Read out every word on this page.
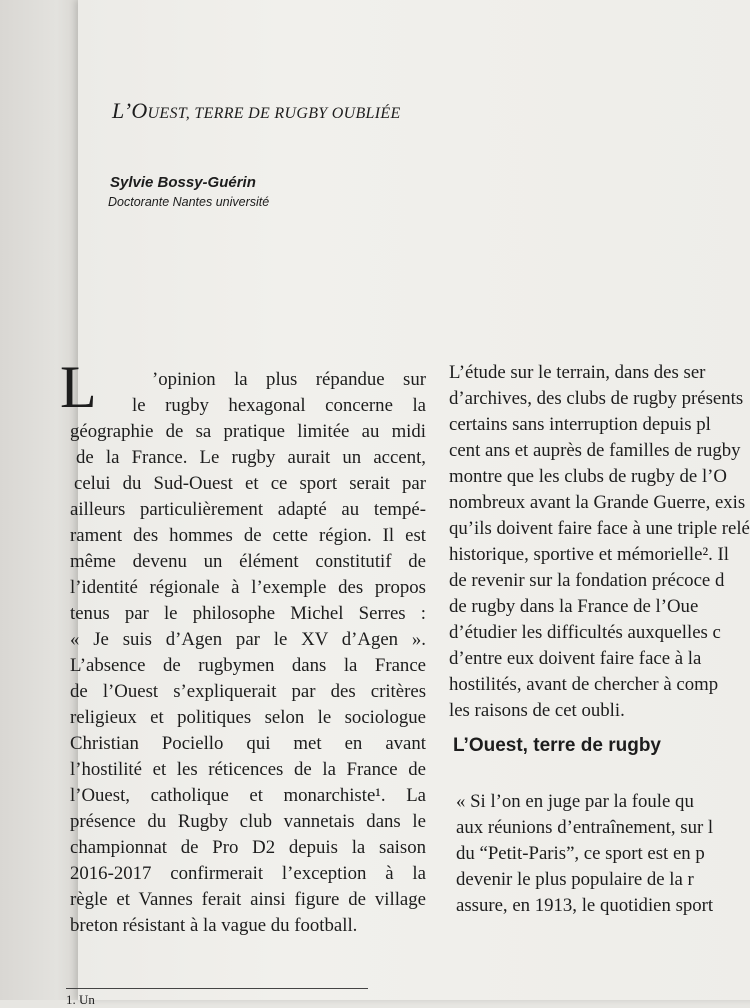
L’OUEST, TERRE DE RUGBY OUBLIÉE
Sylvie Bossy-Guérin
Doctorante Nantes université
L	’opinion la plus répandue sur
le rugby hexagonal concerne la
géographie de sa pratique limitée au midi
de la France. Le rugby aurait un accent,
celui du Sud-Ouest et ce sport serait par
ailleurs particulièrement adapté au tempé-
rament des hommes de cette région. Il est
même devenu un élément constitutif de
l’identité régionale à l’exemple des propos
tenus par le philosophe Michel Serres :
« Je suis d’Agen par le XV d’Agen ».
L’absence de rugbymen dans la France
de l’Ouest s’expliquerait par des critères
religieux et politiques selon le sociologue
Christian Pociello qui met en avant
l’hostilité et les réticences de la France de
l’Ouest, catholique et monarchiste¹. La
présence du Rugby club vannetais dans le
championnat de Pro D2 depuis la saison
2016-2017 confirmerait l’exception à la
règle et Vannes ferait ainsi figure de village
breton résistant à la vague du football.
L’étude sur le terrain, dans des ser
d’archives, des clubs de rugby présents
certains sans interruption depuis pl
cent ans et auprès de familles de rugby
montre que les clubs de rugby de l’O
nombreux avant la Grande Guerre, exis
qu’ils doivent faire face à une triple relé
historique, sportive et mémorielle². Il
de revenir sur la fondation précoce d
de rugby dans la France de l’Oue
d’étudier les difficultés auxquelles c
d’entre eux doivent faire face à la
hostilités, avant de chercher à comp
les raisons de cet oubli.
L’Ouest, terre de rugby
« Si l’on en juge par la foule qu
aux réunions d’entraînement, sur l
du “Petit-Paris”, ce sport est en p
devenir le plus populaire de la r
assure, en 1913, le quotidien sport
1. Un
